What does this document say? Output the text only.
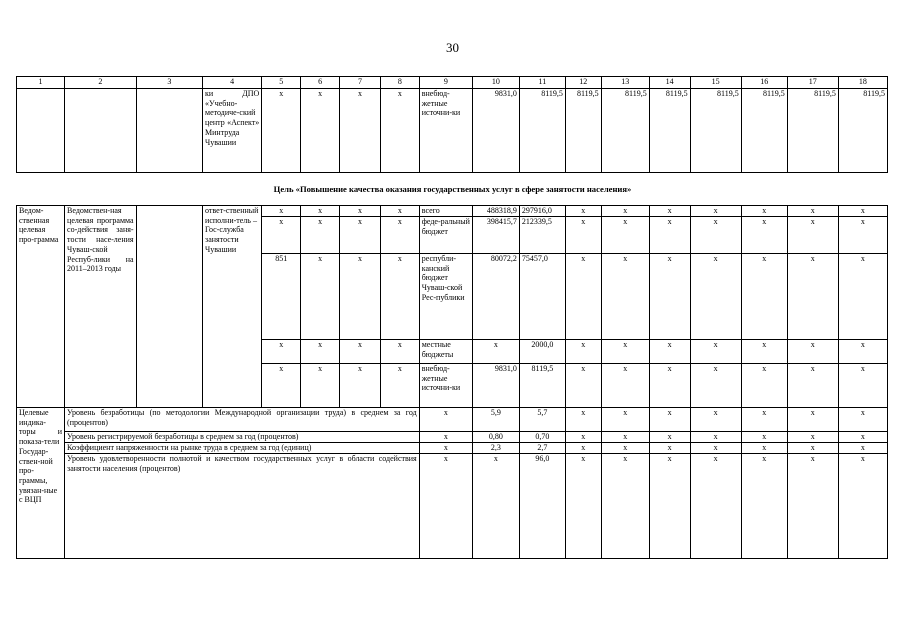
30
1	2	3	4	5	6	7	8	9	10	11	12	13	14	15	16	17	18
			ки ДПО «Учебно-методиче-ский центр «Аспект» Минтруда Чувашии	x	x	x	x	внебюд-жетные источни-ки	9831,0	8119,5	8119,5	8119,5	8119,5	8119,5	8119,5	8119,5	8119,5
Цель «Повышение качества оказания государственных услуг в сфере занятости населения»
Ведом-ственная целевая про-грамма	Ведомствен-ная целевая программа со-действия заня-тости насе-ления Чуваш-ской Респуб-лики на 2011–2013 годы		ответ-ственный исполни-тель – Гос-служба занятости Чувашии	x	x	x	x	всего	488318,9	297916,0	x	x	x	x	x	x	x
				x	x	x	x	феде-ральный бюджет	398415,7	212339,5	x	x	x	x	x	x	x
				851	x	x	x	республи-канский бюджет Чуваш-ской Рес-публики	80072,2	75457,0	x	x	x	x	x	x	x
				x	x	x	x	местные бюджеты	x	2000,0	x	x	x	x	x	x	x
				x	x	x	x	внебюд-жетные источни-ки	9831,0	8119,5	x	x	x	x	x	x	x
Целевые индика-торы и показа-тели Государ-ствен-ной про-граммы, увязан-ные с ВЦП	Уровень безработицы (по методологии Международной организации труда) в среднем за год (процентов)							x	5,9	5,7	x	x	x	x	x	x	x
	Уровень регистрируемой безработицы в среднем за год (процентов)							x	0,80	0,70	x	x	x	x	x	x	x
	Коэффициент напряженности на рынке труда в среднем за год (единиц)							x	2,3	2,7	x	x	x	x	x	x	x
	Уровень удовлетворенности полнотой и качеством государственных услуг в области содействия занятости населения (процентов)							x	x	96,0	x	x	x	x	x	x	x
